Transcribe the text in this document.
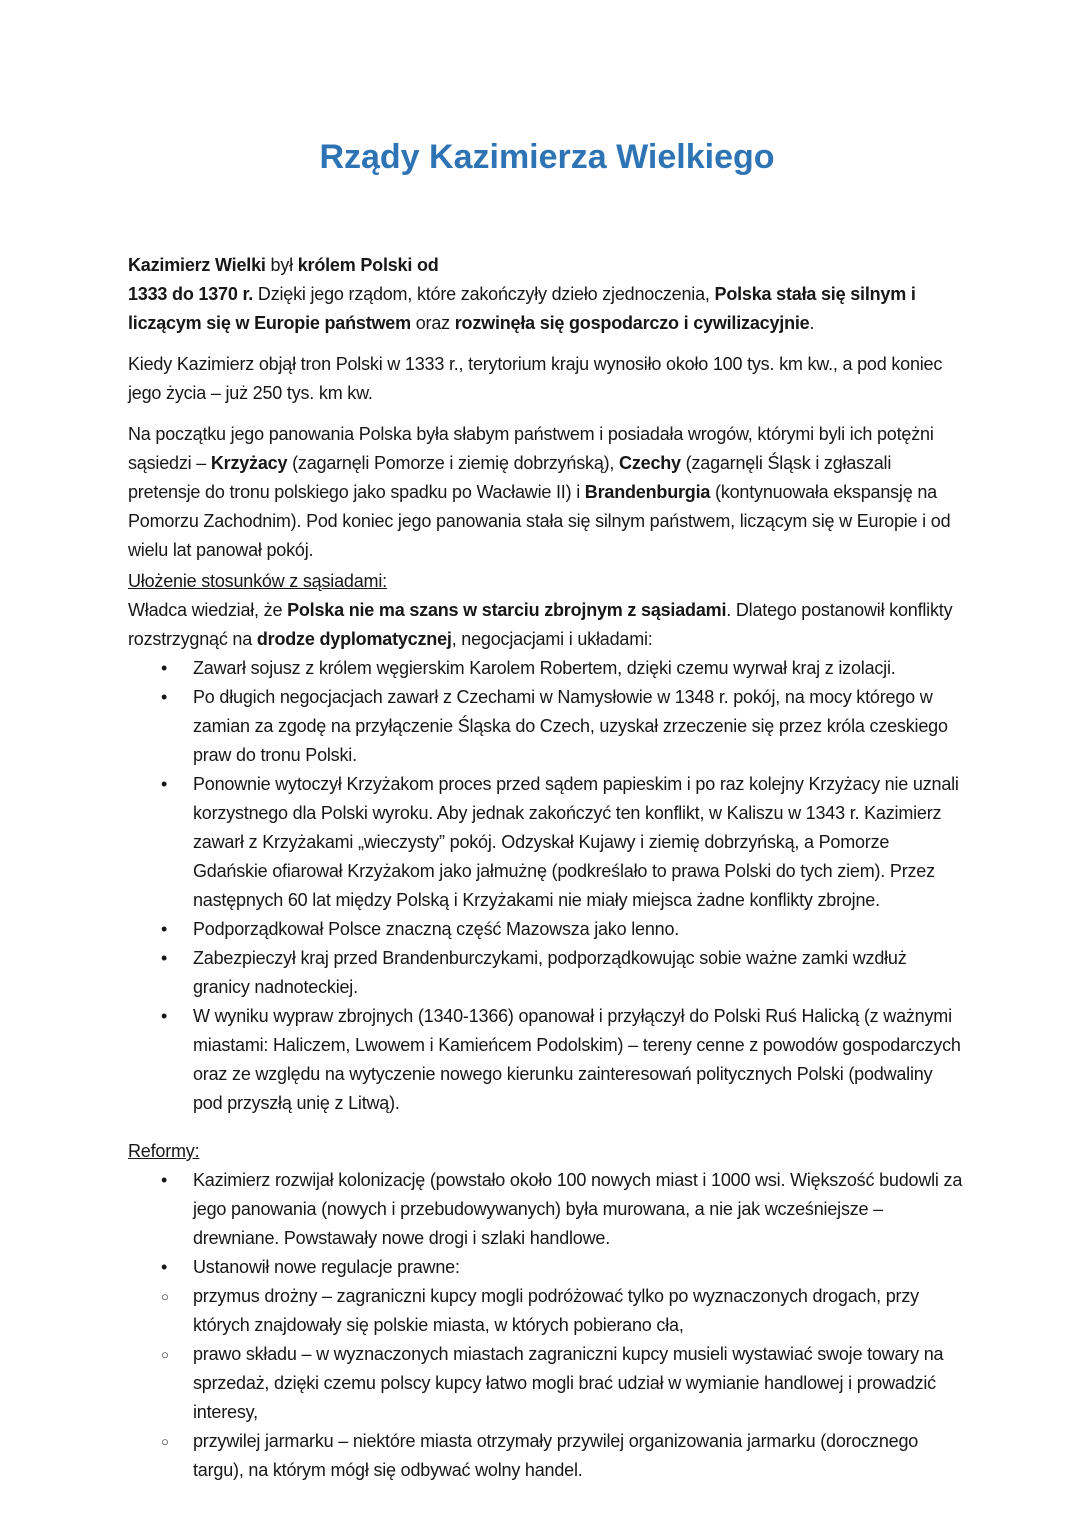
Rządy Kazimierza Wielkiego

Kazimierz Wielki był królem Polski od
1333 do 1370 r. Dzięki jego rządom, które zakończyły dzieło zjednoczenia, Polska stała się silnym i liczącym się w Europie państwem oraz rozwinęła się gospodarczo i cywilizacyjnie.

Kiedy Kazimierz objął tron Polski w 1333 r., terytorium kraju wynosiło około 100 tys. km kw., a pod koniec jego życia – już 250 tys. km kw.

Na początku jego panowania Polska była słabym państwem i posiadała wrogów, którymi byli ich potężni sąsiedzi – Krzyżacy (zagarnęli Pomorze i ziemię dobrzyńską), Czechy (zagarnęli Śląsk i zgłaszali pretensje do tronu polskiego jako spadku po Wacławie II) i Brandenburgia (kontynuowała ekspansję na Pomorzu Zachodnim). Pod koniec jego panowania stała się silnym państwem, liczącym się w Europie i od wielu lat panował pokój.

Ułożenie stosunków z sąsiadami:

Władca wiedział, że Polska nie ma szans w starciu zbrojnym z sąsiadami. Dlatego postanowił konflikty rozstrzygnąć na drodze dyplomatycznej, negocjacjami i układami:

•	Zawarł sojusz z królem węgierskim Karolem Robertem, dzięki czemu wyrwał kraj z izolacji.
•	Po długich negocjacjach zawarł z Czechami w Namysłowie w 1348 r. pokój, na mocy którego w zamian za zgodę na przyłączenie Śląska do Czech, uzyskał zrzeczenie się przez króla czeskiego praw do tronu Polski.
•	Ponownie wytoczył Krzyżakom proces przed sądem papieskim i po raz kolejny Krzyżacy nie uznali korzystnego dla Polski wyroku. Aby jednak zakończyć ten konflikt, w Kaliszu w 1343 r. Kazimierz zawarł z Krzyżakami „wieczysty” pokój. Odzyskał Kujawy i ziemię dobrzyńską, a Pomorze Gdańskie ofiarował Krzyżakom jako jałmużnę (podkreślało to prawa Polski do tych ziem). Przez następnych 60 lat między Polską i Krzyżakami nie miały miejsca żadne konflikty zbrojne.
•	Podporządkował Polsce znaczną część Mazowsza jako lenno.
•	Zabezpieczył kraj przed Brandenburczykami, podporządkowując sobie ważne zamki wzdłuż granicy nadnoteckiej.
•	W wyniku wypraw zbrojnych (1340-1366) opanował i przyłączył do Polski Ruś Halicką (z ważnymi miastami: Haliczem, Lwowem i Kamieńcem Podolskim) – tereny cenne z powodów gospodarczych oraz ze względu na wytyczenie nowego kierunku zainteresowań politycznych Polski (podwaliny pod przyszłą unię z Litwą).

Reformy:

•	Kazimierz rozwijał kolonizację (powstało około 100 nowych miast i 1000 wsi. Większość budowli za jego panowania (nowych i przebudowywanych) była murowana, a nie jak wcześniejsze – drewniane. Powstawały nowe drogi i szlaki handlowe.
•	Ustanowił nowe regulacje prawne:
○	przymus drożny – zagraniczni kupcy mogli podróżować tylko po wyznaczonych drogach, przy których znajdowały się polskie miasta, w których pobierano cła,
○	prawo składu – w wyznaczonych miastach zagraniczni kupcy musieli wystawiać swoje towary na sprzedaż, dzięki czemu polscy kupcy łatwo mogli brać udział w wymianie handlowej i prowadzić interesy,
○	przywilej jarmarku – niektóre miasta otrzymały przywilej organizowania jarmarku (dorocznego targu), na którym mógł się odbywać wolny handel.
